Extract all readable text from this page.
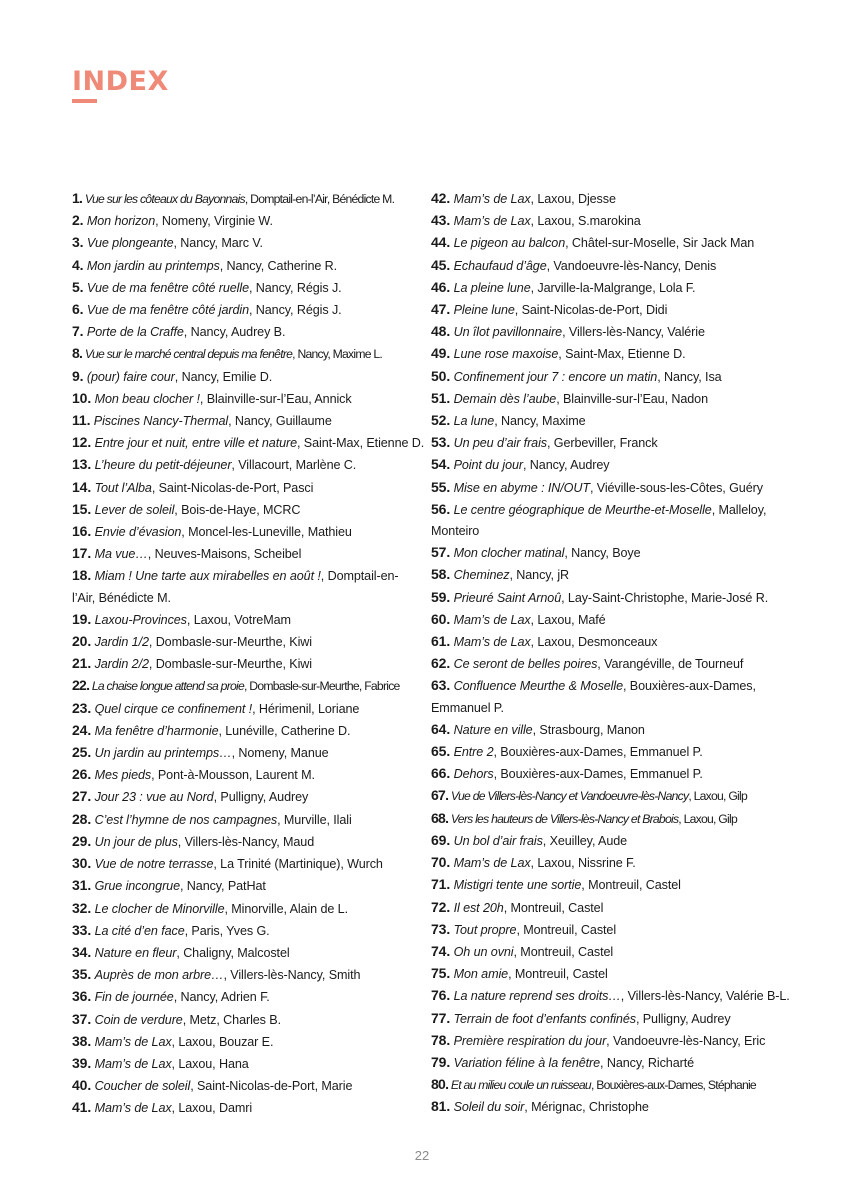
INDEX
1. Vue sur les côteaux du Bayonnais, Domptail-en-l’Air, Bénédicte M.
2. Mon horizon, Nomeny, Virginie W.
3. Vue plongeante, Nancy, Marc V.
4. Mon jardin au printemps, Nancy, Catherine R.
5. Vue de ma fenêtre côté ruelle, Nancy, Régis J.
6. Vue de ma fenêtre côté jardin, Nancy, Régis J.
7. Porte de la Craffe, Nancy, Audrey B.
8. Vue sur le marché central depuis ma fenêtre, Nancy, Maxime L.
9. (pour) faire cour, Nancy, Emilie D.
10. Mon beau clocher !, Blainville-sur-l’Eau, Annick
11. Piscines Nancy-Thermal, Nancy, Guillaume
12. Entre jour et nuit, entre ville et nature, Saint-Max, Etienne D.
13. L’heure du petit-déjeuner, Villacourt, Marlène C.
14. Tout l’Alba, Saint-Nicolas-de-Port, Pasci
15. Lever de soleil, Bois-de-Haye, MCRC
16. Envie d’évasion, Moncel-les-Luneville, Mathieu
17. Ma vue…, Neuves-Maisons, Scheibel
18. Miam ! Une tarte aux mirabelles en août !, Domptail-en-l’Air, Bénédicte M.
19. Laxou-Provinces, Laxou, VotreMam
20. Jardin 1/2, Dombasle-sur-Meurthe, Kiwi
21. Jardin 2/2, Dombasle-sur-Meurthe, Kiwi
22. La chaise longue attend sa proie, Dombasle-sur-Meurthe, Fabrice
23. Quel cirque ce confinement !, Hérimenil, Loriane
24. Ma fenêtre d’harmonie, Lunéville, Catherine D.
25. Un jardin au printemps…, Nomeny, Manue
26. Mes pieds, Pont-à-Mousson, Laurent M.
27. Jour 23 : vue au Nord, Pulligny, Audrey
28. C’est l’hymne de nos campagnes, Murville, Ilali
29. Un jour de plus, Villers-lès-Nancy, Maud
30. Vue de notre terrasse, La Trinité (Martinique), Wurch
31. Grue incongrue, Nancy, PatHat
32. Le clocher de Minorville, Minorville, Alain de L.
33. La cité d’en face, Paris, Yves G.
34. Nature en fleur, Chaligny, Malcostel
35. Auprès de mon arbre…, Villers-lès-Nancy, Smith
36. Fin de journée, Nancy, Adrien F.
37. Coin de verdure, Metz, Charles B.
38. Mam’s de Lax, Laxou, Bouzar E.
39. Mam’s de Lax, Laxou, Hana
40. Coucher de soleil, Saint-Nicolas-de-Port, Marie
41. Mam’s de Lax, Laxou, Damri
42. Mam’s de Lax, Laxou, Djesse
43. Mam’s de Lax, Laxou, S.marokina
44. Le pigeon au balcon, Châtel-sur-Moselle, Sir Jack Man
45. Echaufaud d’âge, Vandoeuvre-lès-Nancy, Denis
46. La pleine lune, Jarville-la-Malgrange, Lola F.
47. Pleine lune, Saint-Nicolas-de-Port, Didi
48. Un îlot pavillonnaire, Villers-lès-Nancy, Valérie
49. Lune rose maxoise, Saint-Max, Etienne D.
50. Confinement jour 7 : encore un matin, Nancy, Isa
51. Demain dès l’aube, Blainville-sur-l’Eau, Nadon
52. La lune, Nancy, Maxime
53. Un peu d’air frais, Gerbeviller, Franck
54. Point du jour, Nancy, Audrey
55. Mise en abyme : IN/OUT, Viéville-sous-les-Côtes, Guéry
56. Le centre géographique de Meurthe-et-Moselle, Malleloy, Monteiro
57. Mon clocher matinal, Nancy, Boye
58. Cheminez, Nancy, jR
59. Prieuré Saint Arnoû, Lay-Saint-Christophe, Marie-José R.
60. Mam’s de Lax, Laxou, Mafé
61. Mam’s de Lax, Laxou, Desmonceaux
62. Ce seront de belles poires, Varangéville, de Tourneuf
63. Confluence Meurthe & Moselle, Bouxières-aux-Dames, Emmanuel P.
64. Nature en ville, Strasbourg, Manon
65. Entre 2, Bouxières-aux-Dames, Emmanuel P.
66. Dehors, Bouxières-aux-Dames, Emmanuel P.
67. Vue de Villers-lès-Nancy et Vandoeuvre-lès-Nancy, Laxou, Gilp
68. Vers les hauteurs de Villers-lès-Nancy et Brabois, Laxou, Gilp
69. Un bol d’air frais, Xeuilley, Aude
70. Mam’s de Lax, Laxou, Nissrine F.
71. Mistigri tente une sortie, Montreuil, Castel
72. Il est 20h, Montreuil, Castel
73. Tout propre, Montreuil, Castel
74. Oh un ovni, Montreuil, Castel
75. Mon amie, Montreuil, Castel
76. La nature reprend ses droits…, Villers-lès-Nancy, Valérie B-L.
77. Terrain de foot d’enfants confinés, Pulligny, Audrey
78. Première respiration du jour, Vandoeuvre-lès-Nancy, Eric
79. Variation féline à la fenêtre, Nancy, Richarté
80. Et au milieu coule un ruisseau, Bouxières-aux-Dames, Stéphanie
81. Soleil du soir, Mérignac, Christophe
22
